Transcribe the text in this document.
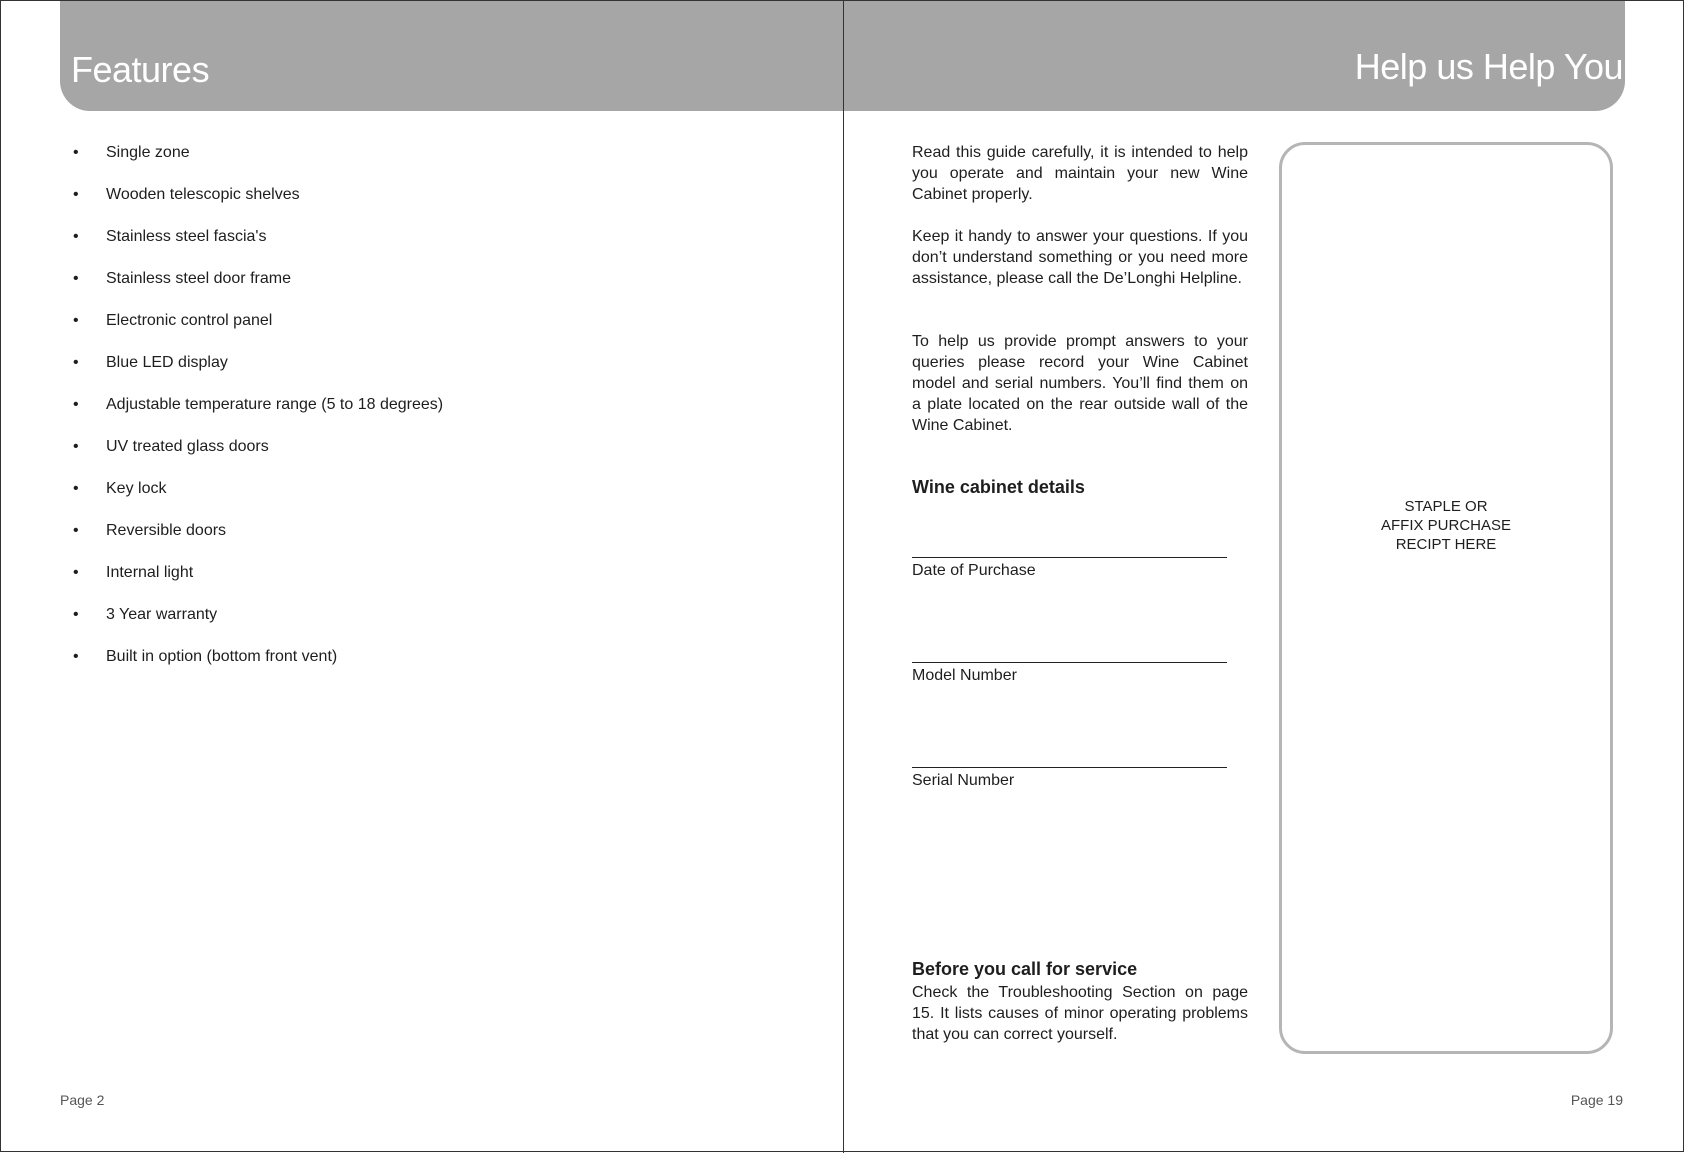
Features	Help us Help You
• Single zone
• Wooden telescopic shelves
• Stainless steel fascia's
• Stainless steel door frame
• Electronic control panel
• Blue LED display
• Adjustable temperature range (5 to 18 degrees)
• UV treated glass doors
• Key lock
• Reversible doors
• Internal light
• 3 Year warranty
• Built in option (bottom front vent)

Read this guide carefully, it is intended to help you operate and maintain your new Wine Cabinet properly.

Keep it handy to answer your questions. If you don’t understand something or you need more assistance, please call the De’Longhi Helpline.

To help us provide prompt answers to your queries please record your Wine Cabinet model and serial numbers. You’ll find them on a plate located on the rear outside wall of the Wine Cabinet.

Wine cabinet details
Date of Purchase
Model Number
Serial Number
Before you call for service

Check the Troubleshooting Section on page 15. It lists causes of minor operating problems that you can correct yourself.

STAPLE OR
AFFIX PURCHASE
RECIPT HERE
Page 2	Page 19
